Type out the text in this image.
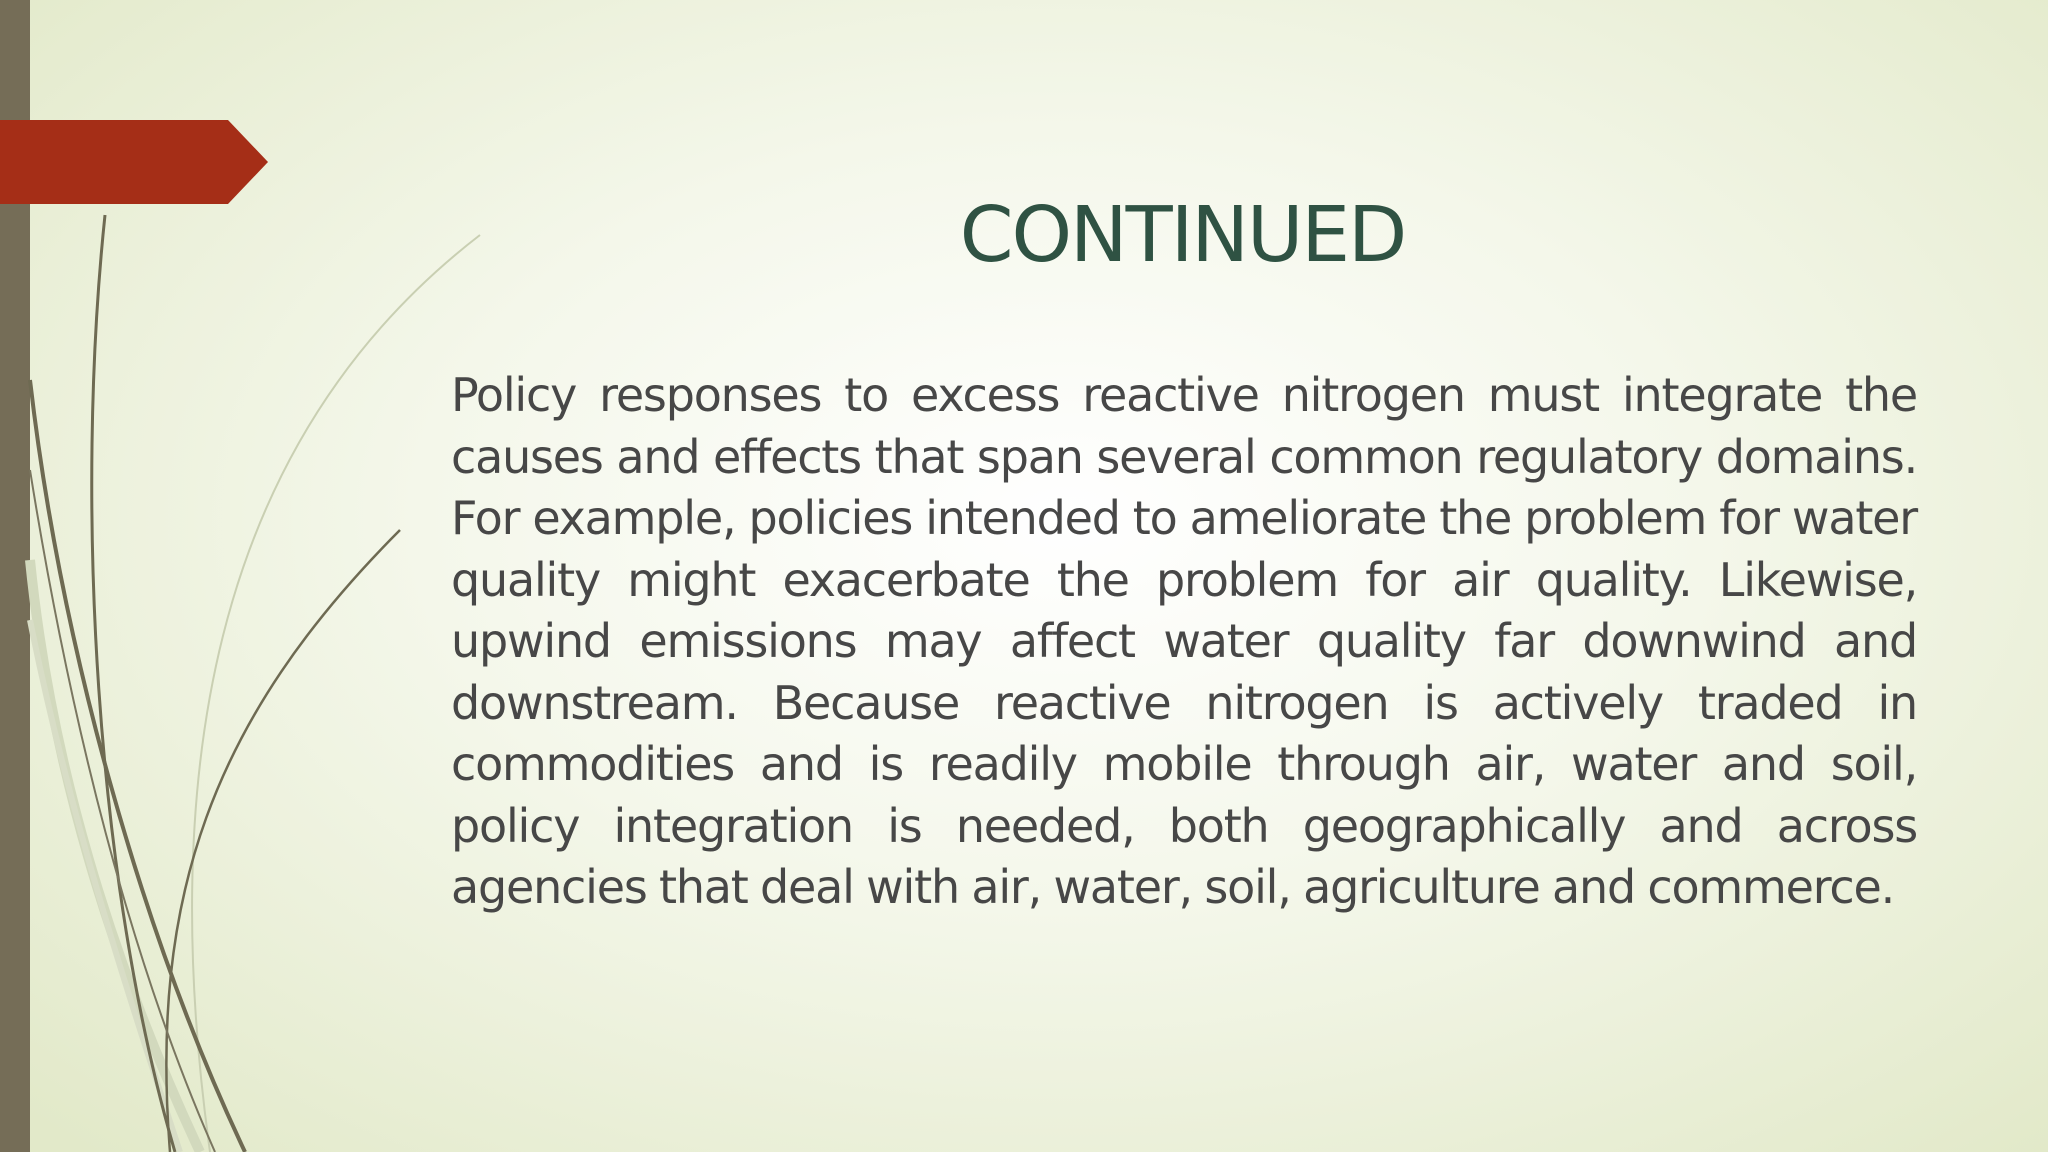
CONTINUED

Policy responses to excess reactive nitrogen must integrate the causes and effects that span several common regulatory domains. For example, policies intended to ameliorate the problem for water quality might exacerbate the problem for air quality. Likewise, upwind emissions may affect water quality far downwind and downstream. Because reactive nitrogen is actively traded in commodities and is readily mobile through air, water and soil, policy integration is needed, both geographically and across agencies that deal with air, water, soil, agriculture and commerce.
